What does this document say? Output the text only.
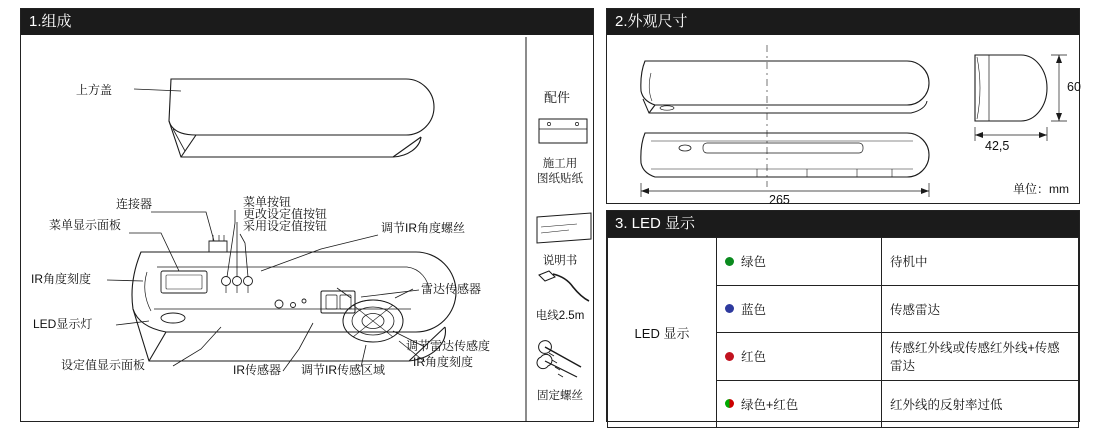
1.组成
上方盖
连接器
菜单显示面板
菜单按钮
更改设定值按钮
采用设定值按钮	调节IR角度螺丝
IR角度刻度
LED显示灯
雷达传感器
设定值显示面板	IR传感器 调节IR传感区域
调节雷达传感度
IR角度刻度
配件
施工用
图纸贴纸
说明书
电线2.5m
固定螺丝
2.外观尺寸
265
60
42,5
单位：mm
3. LED 显示
LED 显示	绿色	待机中
	蓝色	传感雷达
	红色	传感红外线或传感红外线+传感雷达
	绿色+红色	红外线的反射率过低
